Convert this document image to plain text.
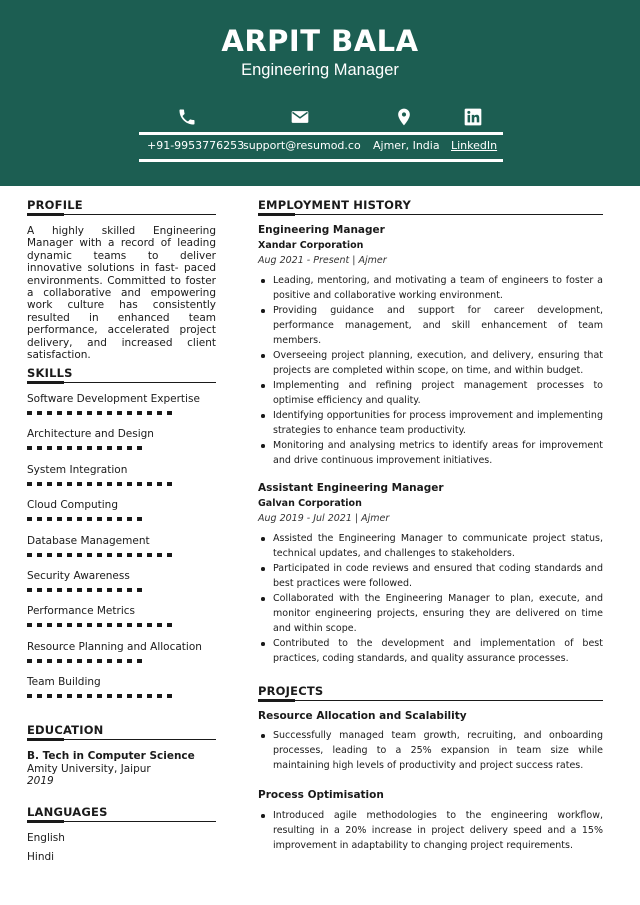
ARPIT BALA
Engineering Manager
+91-9953776253
support@resumod.co Ajmer, India LinkedIn
PROFILE
A highly skilled Engineering Manager with a record of leading dynamic teams to deliver innovative solutions in fast- paced environments. Committed to foster a collaborative and empowering work culture has consistently resulted in enhanced team performance, accelerated project delivery, and increased client satisfaction.
SKILLS
Software Development Expertise
Architecture and Design
System Integration
Cloud Computing
Database Management
Security Awareness
Performance Metrics
Resource Planning and Allocation
Team Building
EDUCATION
B. Tech in Computer Science
Amity University, Jaipur
2019
LANGUAGES
English
Hindi
EMPLOYMENT HISTORY
Engineering Manager
Xandar Corporation
Aug 2021 - Present | Ajmer
Leading, mentoring, and motivating a team of engineers to foster a positive and collaborative working environment.
Providing guidance and support for career development, performance management, and skill enhancement of team members.
Overseeing project planning, execution, and delivery, ensuring that projects are completed within scope, on time, and within budget.
Implementing and refining project management processes to optimise efficiency and quality.
Identifying opportunities for process improvement and implementing strategies to enhance team productivity.
Monitoring and analysing metrics to identify areas for improvement and drive continuous improvement initiatives.
Assistant Engineering Manager
Galvan Corporation
Aug 2019 - Jul 2021 | Ajmer
Assisted the Engineering Manager to communicate project status, technical updates, and challenges to stakeholders.
Participated in code reviews and ensured that coding standards and best practices were followed.
Collaborated with the Engineering Manager to plan, execute, and monitor engineering projects, ensuring they are delivered on time and within scope.
Contributed to the development and implementation of best practices, coding standards, and quality assurance processes.
PROJECTS
Resource Allocation and Scalability
Successfully managed team growth, recruiting, and onboarding processes, leading to a 25% expansion in team size while maintaining high levels of productivity and project success rates.
Process Optimisation
Introduced agile methodologies to the engineering workflow, resulting in a 20% increase in project delivery speed and a 15% improvement in adaptability to changing project requirements.
